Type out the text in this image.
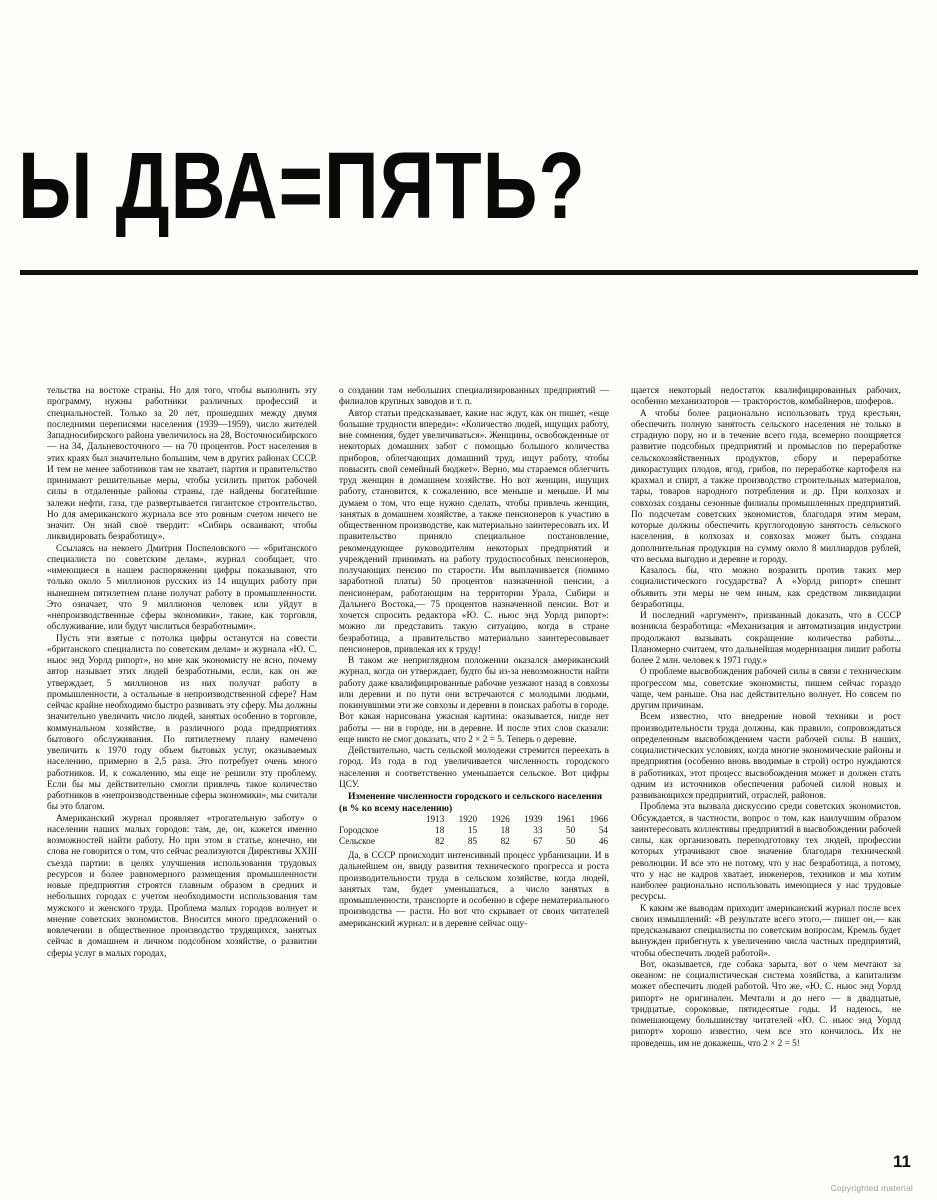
Ы ДВА=ПЯТЬ?

тельства на востоке страны. Но для того, чтобы выполнить эту программу, нужны работники различных профессий и специальностей. Только за 20 лет, прошедших между двумя последними переписями населения (1939—1959), число жителей Западносибирского района увеличилось на 28, Восточносибирского — на 34, Дальневосточного — на 70 процентов. Рост населения в этих краях был значительно большим, чем в других районах СССР. И тем не менее заботников там не хватает, партия и правительство принимают решительные меры, чтобы усилить приток рабочей силы в отдаленные районы страны, где найдены богатейшие залежи нефти, газа, где развертывается гигантское строительство. Но для американского журнала все это ровным счетом ничего не значит. Он знай своё твердит: «Сибирь осваивают, чтобы ликвидировать безработицу».

Ссылаясь на некоего Дмитрия Поспеловского — «британского специалиста по советским делам», журнал сообщает, что «имеющиеся в нашем распоряжении цифры показывают, что только около 5 миллионов русских из 14 ищущих работу при нынешнем пятилетнем плане получат работу в промышленности. Это означает, что 9 миллионов человек или уйдут в «непроизводственные сферы экономики», такие, как торговля, обслуживание, или будут числиться безработными».

Пусть эти взятые с потолка цифры останутся на совести «британского специалиста по советским делам» и журнала «Ю. С. ньюс энд Уорлд рипорт», но мне как экономисту не ясно, почему автор называет этих людей безработными, если, как он же утверждает, 5 миллионов из них получат работу в промышленности, а остальные в непроизводственной сфере? Нам сейчас крайне необходимо быстро развивать эту сферу. Мы должны значительно увеличить число людей, занятых особенно в торговле, коммунальном хозяйстве, в различного рода предприятиях бытового обслуживания. По пятилетнему плану намечено увеличить к 1970 году объем бытовых услуг, оказываемых населению, примерно в 2,5 раза. Это потребует очень много работников. И, к сожалению, мы еще не решили эту проблему. Если бы мы действительно смогли привлечь такое количество работников в «непроизводственные сферы экономики», мы считали бы это благом.

Американский журнал проявляет «трогательную заботу» о населении наших малых городов: там, де, он, кажется именно возможностей найти работу. Но при этом в статье, конечно, ни слова не говорится о том, что сейчас реализуются Директивы XXIII съезда партии: в целях улучшения использования трудовых ресурсов и более равномерного размещения промышленности новые предприятия строятся главным образом в средних и небольших городах с учетом необходимости использования там мужского и женского труда. Проблема малых городов волнует и мнение советских экономистов. Вносится много предложений о вовлечении в общественное производство трудящихся, занятых сейчас в домашнем и личном подсобном хозяйстве, о развитии сферы услуг в малых городах,

о создании там небольших специализированных предприятий — филиалов крупных заводов и т. п.

Автор статьи предсказывает, какие нас ждут, как он пишет, «еще большие трудности впереди»: «Количество людей, ищущих работу, вне сомнения, будет увеличиваться». Женщины, освобожденные от некоторых домашних забот с помощью большого количества приборов, облегчающих домашний труд, ищут работу, чтобы повысить свой семейный бюджет». Верно, мы стараемся облегчить труд женщин в домашнем хозяйстве. Но вот женщин, ищущих работу, становится, к сожалению, все меньше и меньше. И мы думаем о том, что еще нужно сделать, чтобы привлечь женщин, занятых в домашнем хозяйстве, а также пенсионеров к участию в общественном производстве, как материально заинтересовать их. И правительство приняло специальное постановление, рекомендующее руководителям некоторых предприятий и учреждений принимать на работу трудоспособных пенсионеров, получающих пенсию по старости. Им выплачивается (помимо заработной платы) 50 процентов назначенной пенсии, а пенсионерам, работающим на территории Урала, Сибири и Дальнего Востока,— 75 процентов назначенной пенсии. Вот и хочется спросить редактора «Ю. С. ньюс энд Уорлд рипорт»: можно ли представить такую ситуацию, когда в стране безработица, а правительство материально заинтересовывает пенсионеров, привлекая их к труду!

В таком же неприглядном положении оказался американский журнал, когда он утверждает, будто бы из-за невозможности найти работу даже квалифицированные рабочие уезжают назад в совхозы или деревни и по пути они встречаются с молодыми людьми, покинувшими эти же совхозы и деревни в поисках работы в городе. Вот какая нарисована ужасная картина: оказывается, нигде нет работы — ни в городе, ни в деревне. И после этих слов сказали: еще никто не смог доказать, что 2 × 2 = 5. Теперь о деревне.

Действительно, часть сельской молодежи стремится переехать в город. Из года в год увеличивается численность городского населения и соответственно уменьшается сельское. Вот цифры ЦСУ.

Изменение численности городского и сельского населения (в % ко всему населению)

	1913	1920	1926	1939	1961	1966
Городское	18	15	18	33	50	54
Сельское	82	85	82	67	50	46

Да, в СССР происходит интенсивный процесс урбанизации. И в дальнейшем он, ввиду развития технического прогресса и роста производительности труда в сельском хозяйстве, когда людей, занятых там, будет уменьшаться, а число занятых в промышленности, транспорте и особенно в сфере нематериального производства — расти. Но вот что скрывает от своих читателей американский журнал: и в деревне сейчас ощу-

щается некоторый недостаток квалифицированных рабочих, особенно механизаторов — тракторостов, комбайнеров, шоферов.

А чтобы более рационально использовать труд крестьян, обеспечить полную занятость сельского населения не только в страдную пору, но и в течение всего года, всемерно поощряется развитие подсобных предприятий и промыслов по переработке сельскохозяйственных продуктов, сбору и переработке дикорастущих плодов, ягод, грибов, по переработке картофеля на крахмал и спирт, а также производство строительных материалов, тары, товаров народного потребления и др. При колхозах и совхозах созданы сезонные филиалы промышленных предприятий. По подсчетам советских экономистов, благодаря этим мерам, которые должны обеспечить круглогодовую занятость сельского населения, в колхозах и совхозах может быть создана дополнительная продукция на сумму около 8 миллиардов рублей, что весьма выгодно и деревне и городу.

Казалось бы, что можно возразить против таких мер социалистического государства? А «Уорлд рипорт» спешит объявить эти меры не чем иным, как средством ликвидации безработицы.

И последний «аргумент», призванный доказать, что в СССР возникла безработица: «Механизация и автоматизация индустрии продолжают вызывать сокращение количества работы... Планомерно считаем, что дальнейшая модернизация лишит работы более 2 млн. человек к 1971 году.»

О проблеме высвобождения рабочей силы в связи с техническим прогрессом мы, советские экономисты, пишем сейчас гораздо чаще, чем раньше. Она нас действительно волнует. Но совсем по другим причинам.

Всем известно, что внедрение новой техники и рост производительности труда должны, как правило, сопровождаться определенным высвобождением части рабочей силы. В наших, социалистических условиях, когда многие экономические районы и предприятия (особенно вновь вводимые в строй) остро нуждаются в работниках, этот процесс высвобождения может и должен стать одним из источников обеспечения рабочей силой новых и развивающихся предприятий, отраслей, районов.

Проблема эта вызвала дискуссию среди советских экономистов. Обсуждается, в частности, вопрос о том, как наилучшим образом заинтересовать коллективы предприятий в высвобождении рабочей силы, как организовать переподготовку тех людей, профессии которых утрачивают свое значение благодаря технической революции. И все это не потому, что у нас безработица, а потому, что у нас не кадров хватает, инженеров, техников и мы хотим наиболее рационально использовать имеющиеся у нас трудовые ресурсы.

К каким же выводам приходит американский журнал после всех своих измышлений: «В результате всего этого,— пишет он,— как предсказывают специалисты по советским вопросам, Кремль будет вынужден прибегнуть к увеличению числа частных предприятий, чтобы обеспечить людей работой».

Вот, оказывается, где собака зарыта, вот о чем мечтают за океаном: не социалистическая система хозяйства, а капитализм может обеспечить людей работой. Что же, «Ю. С. ньюс энд Уорлд рипорт» не оригинален. Мечтали и до него — в двадцатые, тридцатые, сороковые, пятидесятые годы. И надеюсь, не помешающему большинству читателей «Ю. С. ньюс энд Уорлд рипорт» хорошо известно, чем все это кончилось. Их не проведешь, им не докажешь, что 2 × 2 = 5!

11
Copyrighted material
